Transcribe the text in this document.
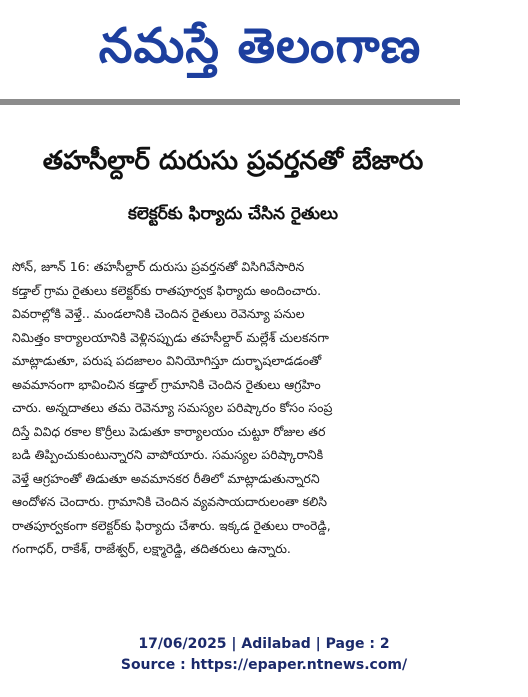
నమస్తే తెలంగాణ
తహసీల్దార్ దురుసు ప్రవర్తనతో బేజారు
కలెక్టర్‌కు ఫిర్యాదు చేసిన రైతులు
సోన్, జూన్ 16: తహసీల్దార్ దురుసు ప్రవర్తనతో విసిగివేసారిన
కడ్తాల్ గ్రామ రైతులు కలెక్టర్‌కు రాతపూర్వక ఫిర్యాదు అందించారు.
వివరాల్లోకి వెళ్తే.. మండలానికి చెందిన రైతులు రెవెన్యూ పనుల
నిమిత్తం కార్యాలయానికి వెళ్లినప్పుడు తహసీల్దార్ మల్లేశ్ చులకనగా
మాట్లాడుతూ, పరుష పదజాలం వినియోగిస్తూ దుర్భాషలాడడంతో
అవమానంగా భావించిన కడ్తాల్ గ్రామానికి చెందిన రైతులు ఆగ్రహిం
చారు. అన్నదాతలు తమ రెవెన్యూ సమస్యల పరిష్కారం కోసం సంప్ర
దిస్తే వివిధ రకాల కొర్రీలు పెడుతూ కార్యాలయం చుట్టూ రోజుల తర
బడి తిప్పించుకుంటున్నారని వాపోయారు. సమస్యల పరిష్కారానికి
వెళ్తే ఆగ్రహంతో తిడుతూ అవమానకర రీతిలో మాట్లాడుతున్నారని
ఆందోళన చెందారు. గ్రామానికి చెందిన వ్యవసాయదారులంతా కలిసి
రాతపూర్వకంగా కలెక్టర్‌కు ఫిర్యాదు చేశారు. ఇక్కడ రైతులు రాంరెడ్డి,
గంగాధర్, రాకేశ్, రాజేశ్వర్, లక్ష్మారెడ్డి, తదితరులు ఉన్నారు.
17/06/2025 | Adilabad | Page : 2
Source : https://epaper.ntnews.com/
